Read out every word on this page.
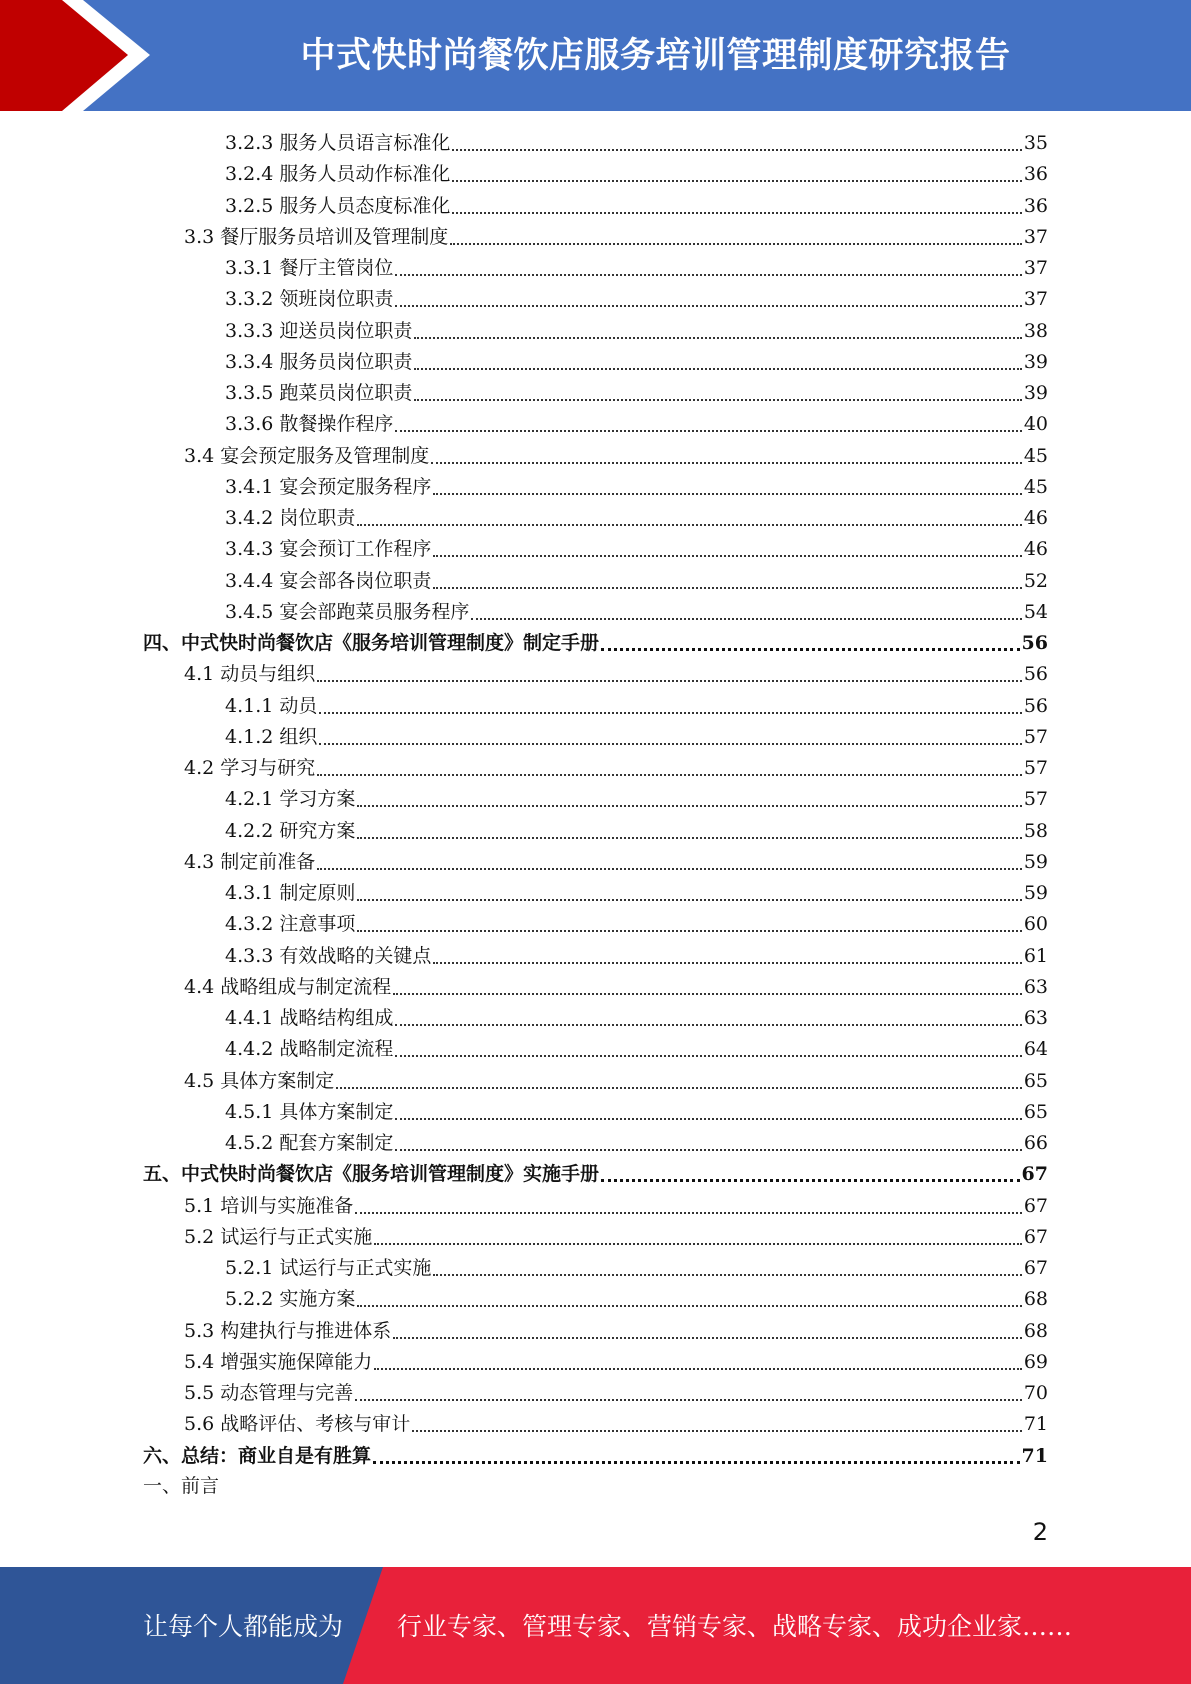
中式快时尚餐饮店服务培训管理制度研究报告
3.2.3 服务人员语言标准化	35
3.2.4 服务人员动作标准化	36
3.2.5 服务人员态度标准化	36
3.3 餐厅服务员培训及管理制度	37
3.3.1 餐厅主管岗位	37
3.3.2 领班岗位职责	37
3.3.3 迎送员岗位职责	38
3.3.4 服务员岗位职责	39
3.3.5 跑菜员岗位职责	39
3.3.6 散餐操作程序	40
3.4 宴会预定服务及管理制度	45
3.4.1 宴会预定服务程序	45
3.4.2 岗位职责	46
3.4.3 宴会预订工作程序	46
3.4.4 宴会部各岗位职责	52
3.4.5 宴会部跑菜员服务程序	54
四、中式快时尚餐饮店《服务培训管理制度》制定手册	56
4.1 动员与组织	56
4.1.1 动员	56
4.1.2 组织	57
4.2 学习与研究	57
4.2.1 学习方案	57
4.2.2 研究方案	58
4.3 制定前准备	59
4.3.1 制定原则	59
4.3.2 注意事项	60
4.3.3 有效战略的关键点	61
4.4 战略组成与制定流程	63
4.4.1 战略结构组成	63
4.4.2 战略制定流程	64
4.5 具体方案制定	65
4.5.1 具体方案制定	65
4.5.2 配套方案制定	66
五、中式快时尚餐饮店《服务培训管理制度》实施手册	67
5.1 培训与实施准备	67
5.2 试运行与正式实施	67
5.2.1 试运行与正式实施	67
5.2.2 实施方案	68
5.3 构建执行与推进体系	68
5.4 增强实施保障能力	69
5.5 动态管理与完善	70
5.6 战略评估、考核与审计	71
六、总结：商业自是有胜算	71
一、前言
2
让每个人都能成为 行业专家、管理专家、营销专家、战略专家、成功企业家……
